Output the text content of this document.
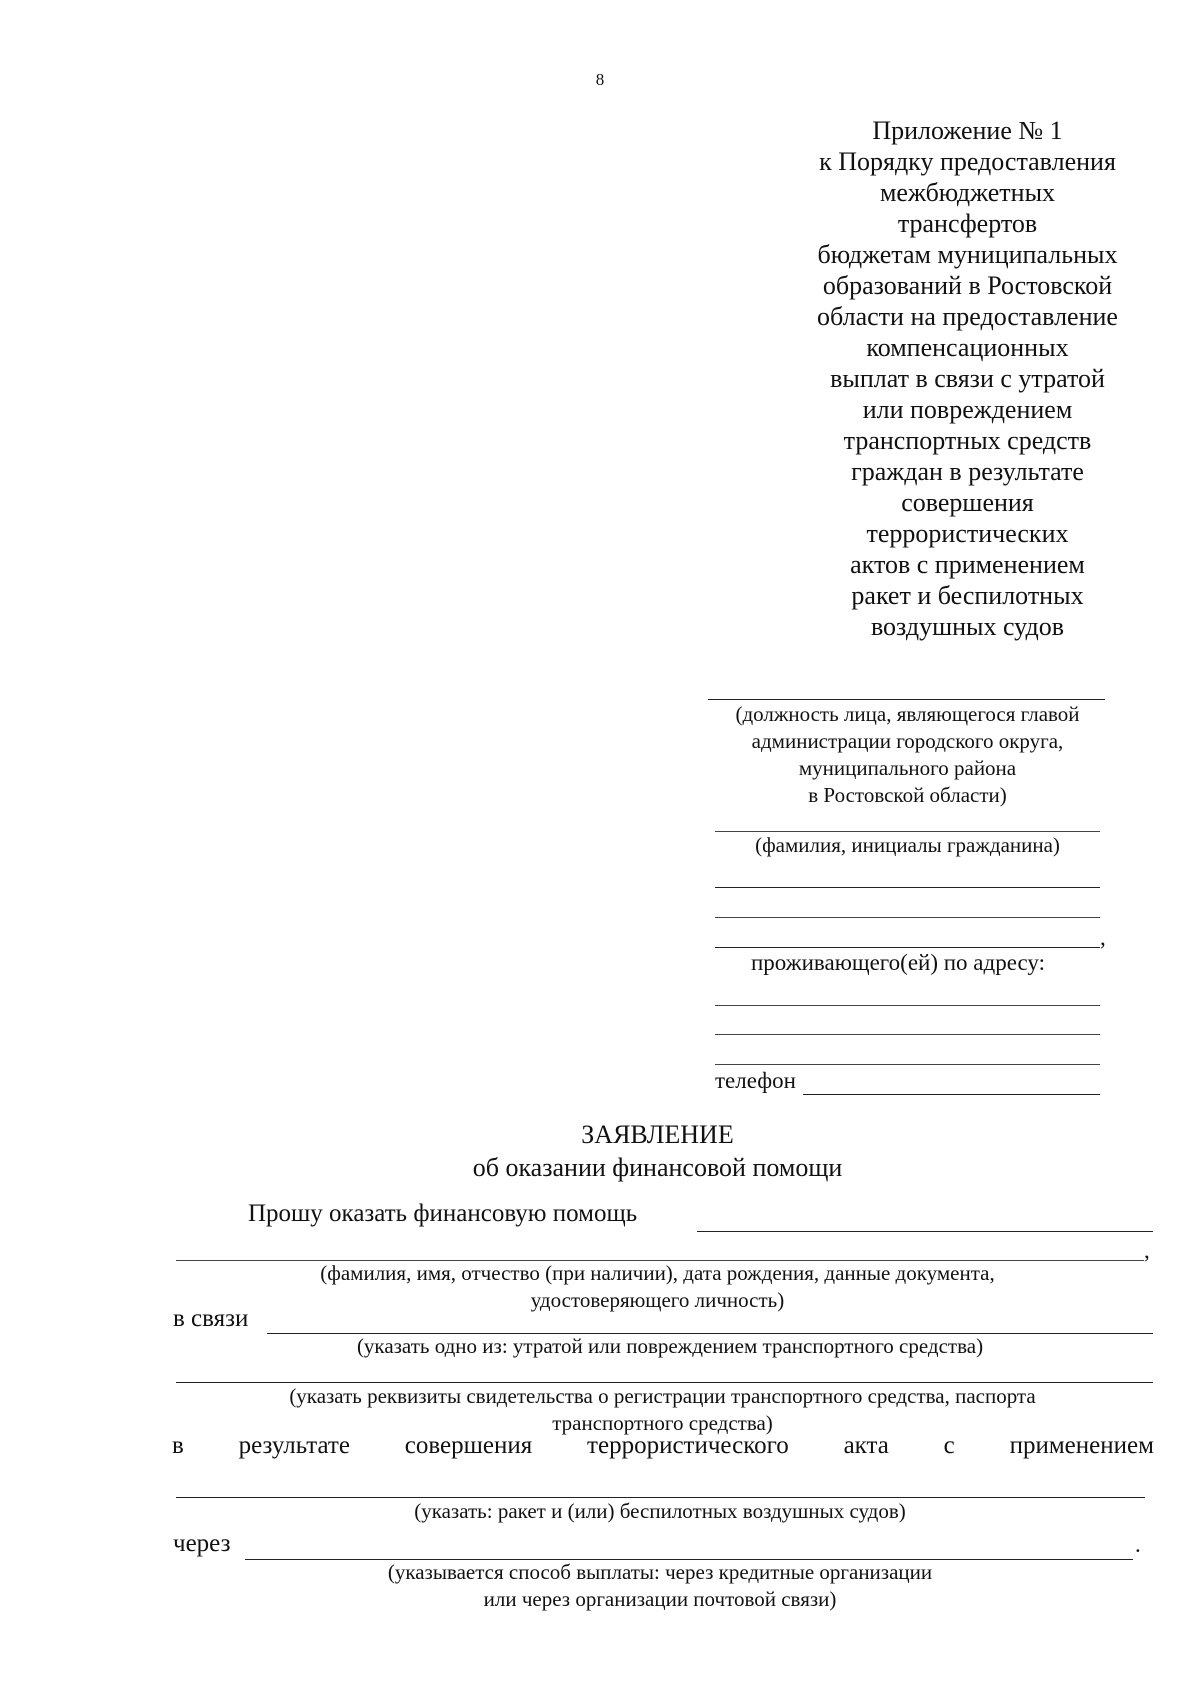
8
Приложение № 1
к Порядку предоставления
межбюджетных
трансфертов
бюджетам муниципальных
образований в Ростовской
области на предоставление
компенсационных
выплат в связи с утратой
или повреждением
транспортных средств
граждан в результате
совершения
террористических
актов с применением
ракет и беспилотных
воздушных судов
(должность лица, являющегося главой
администрации городского округа,
муниципального района
в Ростовской области)
(фамилия, инициалы гражданина)
,
проживающего(ей) по адресу:
телефон
ЗАЯВЛЕНИЕ
об оказании финансовой помощи
Прошу оказать финансовую помощь
,
(фамилия, имя, отчество (при наличии), дата рождения, данные документа,
удостоверяющего личность)
в связи
(указать одно из: утратой или повреждением транспортного средства)
(указать реквизиты свидетельства о регистрации транспортного средства, паспорта
транспортного средства)
в результате совершения террористического акта с применением
(указать: ракет и (или) беспилотных воздушных судов)
через	.
(указывается способ выплаты: через кредитные организации
или через организации почтовой связи)
